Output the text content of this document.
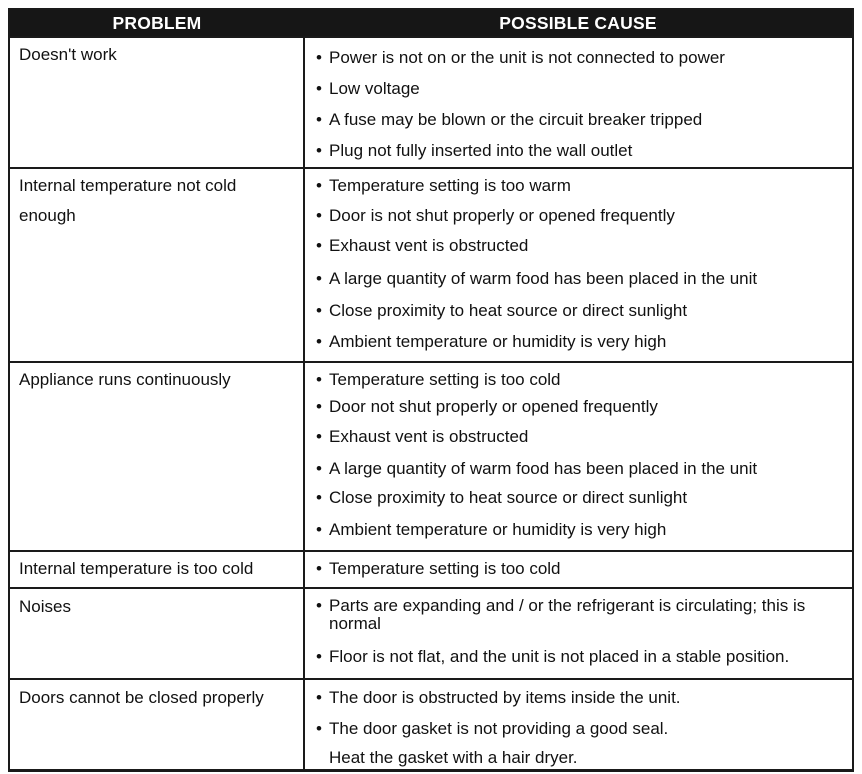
PROBLEM	POSSIBLE CAUSE
Doesn't work	• Power is not on or the unit is not connected to power
• Low voltage
• A fuse may be blown or the circuit breaker tripped
• Plug not fully inserted into the wall outlet
Internal temperature not cold enough
• Temperature setting is too warm
• Door is not shut properly or opened frequently
• Exhaust vent is obstructed
• A large quantity of warm food has been placed in the unit
• Close proximity to heat source or direct sunlight
• Ambient temperature or humidity is very high
Appliance runs continuously	• Temperature setting is too cold
• Door not shut properly or opened frequently
• Exhaust vent is obstructed
• A large quantity of warm food has been placed in the unit
• Close proximity to heat source or direct sunlight
• Ambient temperature or humidity is very high
Internal temperature is too cold	• Temperature setting is too cold
Noises	• Parts are expanding and / or the refrigerant is circulating; this is normal
• Floor is not flat, and the unit is not placed in a stable position.
Doors cannot be closed properly	• The door is obstructed by items inside the unit.
• The door gasket is not providing a good seal.
Heat the gasket with a hair dryer.
